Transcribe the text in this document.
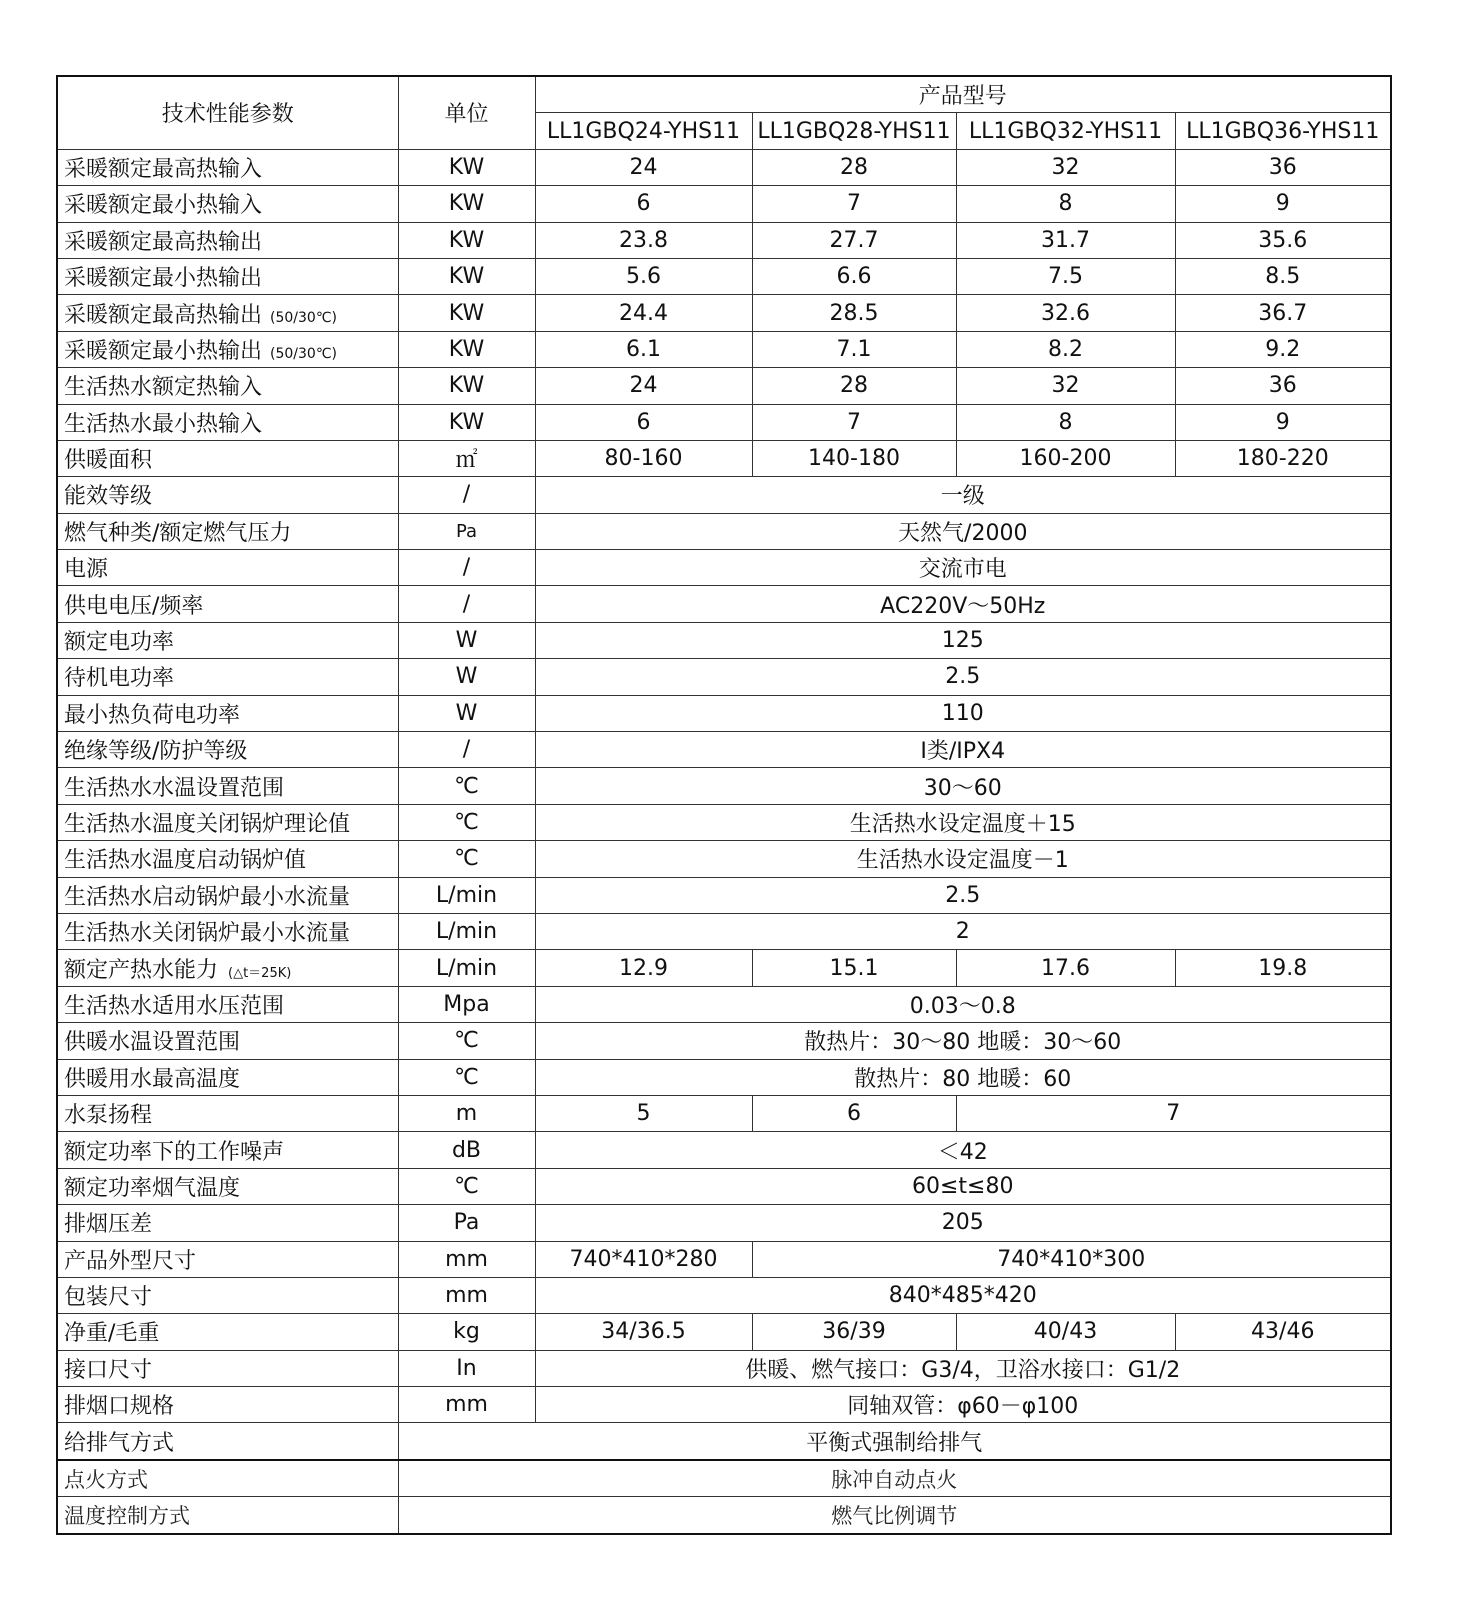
技术性能参数	单位	产品型号			
		LL1GBQ24-YHS11	LL1GBQ28-YHS11	LL1GBQ32-YHS11	LL1GBQ36-YHS11
采暖额定最高热输入	KW	24	28	32	36
采暖额定最小热输入	KW	6	7	8	9
采暖额定最高热输出	KW	23.8	27.7	31.7	35.6
采暖额定最小热输出	KW	5.6	6.6	7.5	8.5
采暖额定最高热输出 (50/30℃)	KW	24.4	28.5	32.6	36.7
采暖额定最小热输出 (50/30℃)	KW	6.1	7.1	8.2	9.2
生活热水额定热输入	KW	24	28	32	36
生活热水最小热输入	KW	6	7	8	9
供暖面积	㎡	80-160	140-180	160-200	180-220
能效等级	/	一级			
燃气种类/额定燃气压力	Pa	天然气/2000			
电源	/	交流市电			
供电电压/频率	/	AC220V～50Hz			
额定电功率	W	125			
待机电功率	W	2.5			
最小热负荷电功率	W	110			
绝缘等级/防护等级	/	Ⅰ类/IPX4			
生活热水水温设置范围	℃	30～60			
生活热水温度关闭锅炉理论值	℃	生活热水设定温度＋15			
生活热水温度启动锅炉值	℃	生活热水设定温度－1			
生活热水启动锅炉最小水流量	L/min	2.5			
生活热水关闭锅炉最小水流量	L/min	2			
额定产热水能力 (△t＝25K)	L/min	12.9	15.1	17.6	19.8
生活热水适用水压范围	Mpa	0.03～0.8			
供暖水温设置范围	℃	散热片：30～80 地暖：30～60			
供暖用水最高温度	℃	散热片：80 地暖：60			
水泵扬程	m	5	6	7	
额定功率下的工作噪声	dB	＜42			
额定功率烟气温度	℃	60≤t≤80			
排烟压差	Pa	205			
产品外型尺寸	mm	740*410*280	740*410*300		
包装尺寸	mm	840*485*420			
净重/毛重	kg	34/36.5	36/39	40/43	43/46
接口尺寸	In	供暖、燃气接口：G3/4，卫浴水接口：G1/2			
排烟口规格	mm	同轴双管：φ60－φ100			
给排气方式	平衡式强制给排气				
点火方式	脉冲自动点火				
温度控制方式	燃气比例调节				
